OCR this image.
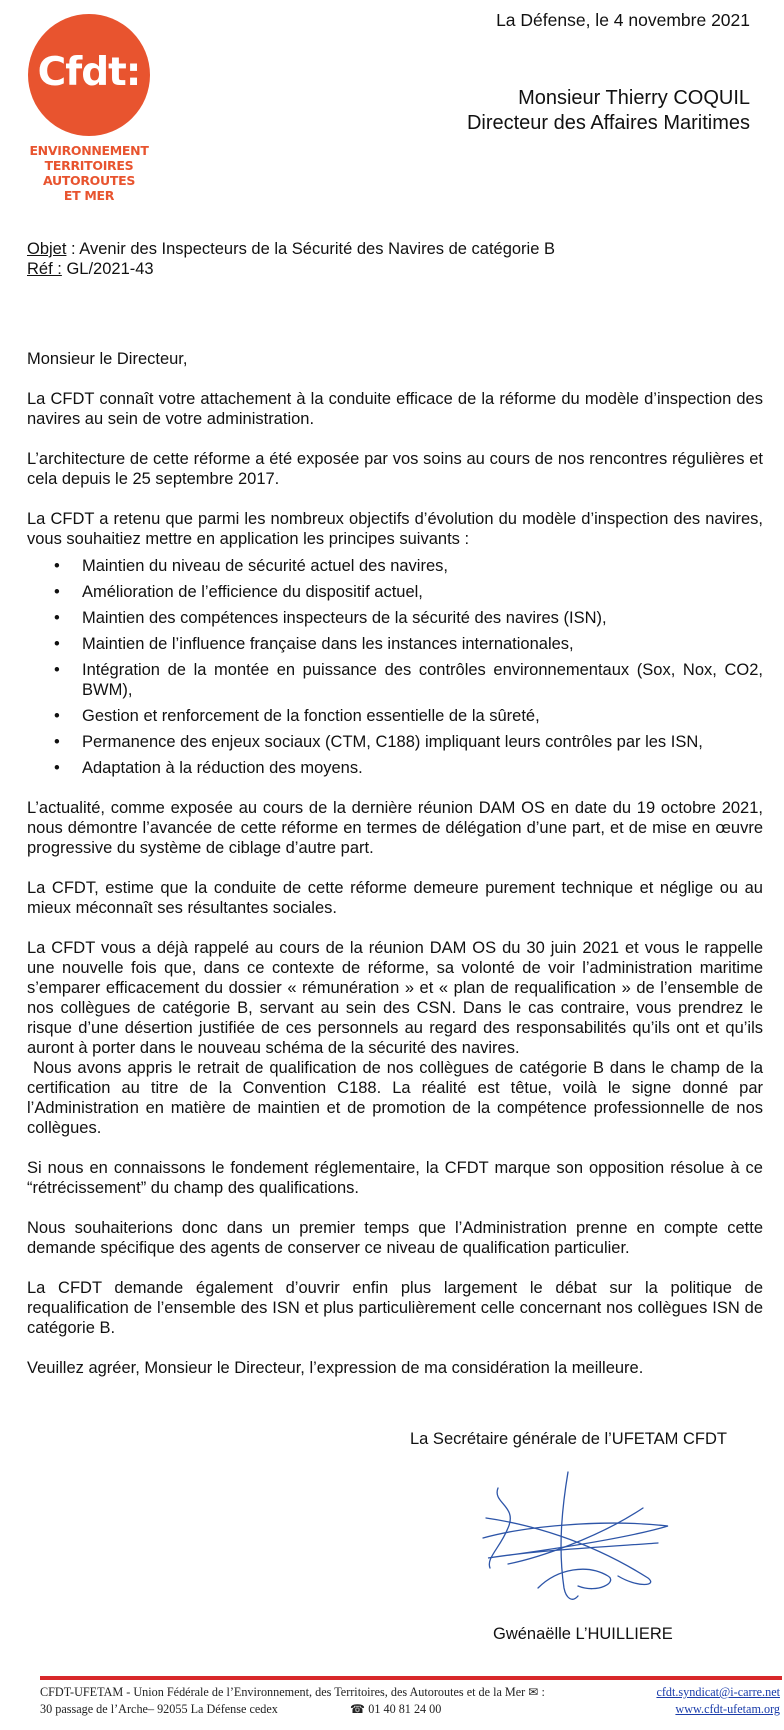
Cfdt:
ENVIRONNEMENT
TERRITOIRES
AUTOROUTES
ET MER
La Défense, le 4 novembre 2021
Monsieur Thierry COQUIL
Directeur des Affaires Maritimes
Objet : Avenir des Inspecteurs de la Sécurité des Navires de catégorie B
Réf : GL/2021-43

Monsieur le Directeur,

La CFDT connaît votre attachement à la conduite efficace de la réforme du modèle d’inspection des navires au sein de votre administration.

L’architecture de cette réforme a été exposée par vos soins au cours de nos rencontres régulières et cela depuis le 25 septembre 2017.

La CFDT a retenu que parmi les nombreux objectifs d’évolution du modèle d’inspection des navires, vous souhaitiez mettre en application les principes suivants :

• Maintien du niveau de sécurité actuel des navires,
• Amélioration de l’efficience du dispositif actuel,
• Maintien des compétences inspecteurs de la sécurité des navires (ISN),
• Maintien de l’influence française dans les instances internationales,
• Intégration de la montée en puissance des contrôles environnementaux (Sox, Nox, CO2, BWM),
• Gestion et renforcement de la fonction essentielle de la sûreté,
• Permanence des enjeux sociaux (CTM, C188) impliquant leurs contrôles par les ISN,
• Adaptation à la réduction des moyens.

L’actualité, comme exposée au cours de la dernière réunion DAM OS en date du 19 octobre 2021, nous démontre l’avancée de cette réforme en termes de délégation d’une part, et de mise en œuvre progressive du système de ciblage d’autre part.

La CFDT, estime que la conduite de cette réforme demeure purement technique et néglige ou au mieux méconnaît ses résultantes sociales.

La CFDT vous a déjà rappelé au cours de la réunion DAM OS du 30 juin 2021 et vous le rappelle une nouvelle fois que, dans ce contexte de réforme, sa volonté de voir l’administration maritime s’emparer efficacement du dossier « rémunération » et « plan de requalification » de l’ensemble de nos collègues de catégorie B, servant au sein des CSN. Dans le cas contraire, vous prendrez le risque d’une désertion justifiée de ces personnels au regard des responsabilités qu’ils ont et qu’ils auront à porter dans le nouveau schéma de la sécurité des navires.

Nous avons appris le retrait de qualification de nos collègues de catégorie B dans le champ de la certification au titre de la Convention C188. La réalité est têtue, voilà le signe donné par l’Administration en matière de maintien et de promotion de la compétence professionnelle de nos collègues.

Si nous en connaissons le fondement réglementaire, la CFDT marque son opposition résolue à ce “rétrécissement” du champ des qualifications.

Nous souhaiterions donc dans un premier temps que l’Administration prenne en compte cette demande spécifique des agents de conserver ce niveau de qualification particulier.

La CFDT demande également d’ouvrir enfin plus largement le débat sur la politique de requalification de l’ensemble des ISN et plus particulièrement celle concernant nos collègues ISN de catégorie B.

Veuillez agréer, Monsieur le Directeur, l’expression de ma considération la meilleure.

La Secrétaire générale de l’UFETAM CFDT
Gwénaëlle L’HUILLIERE
CFDT-UFETAM - Union Fédérale de l’Environnement, des Territoires, des Autoroutes et de la Mer ✉ :	cfdt.syndicat@i-carre.net
30 passage de l’Arche– 92055 La Défense cedex	☎ 01 40 81 24 00	www.cfdt-ufetam.org
